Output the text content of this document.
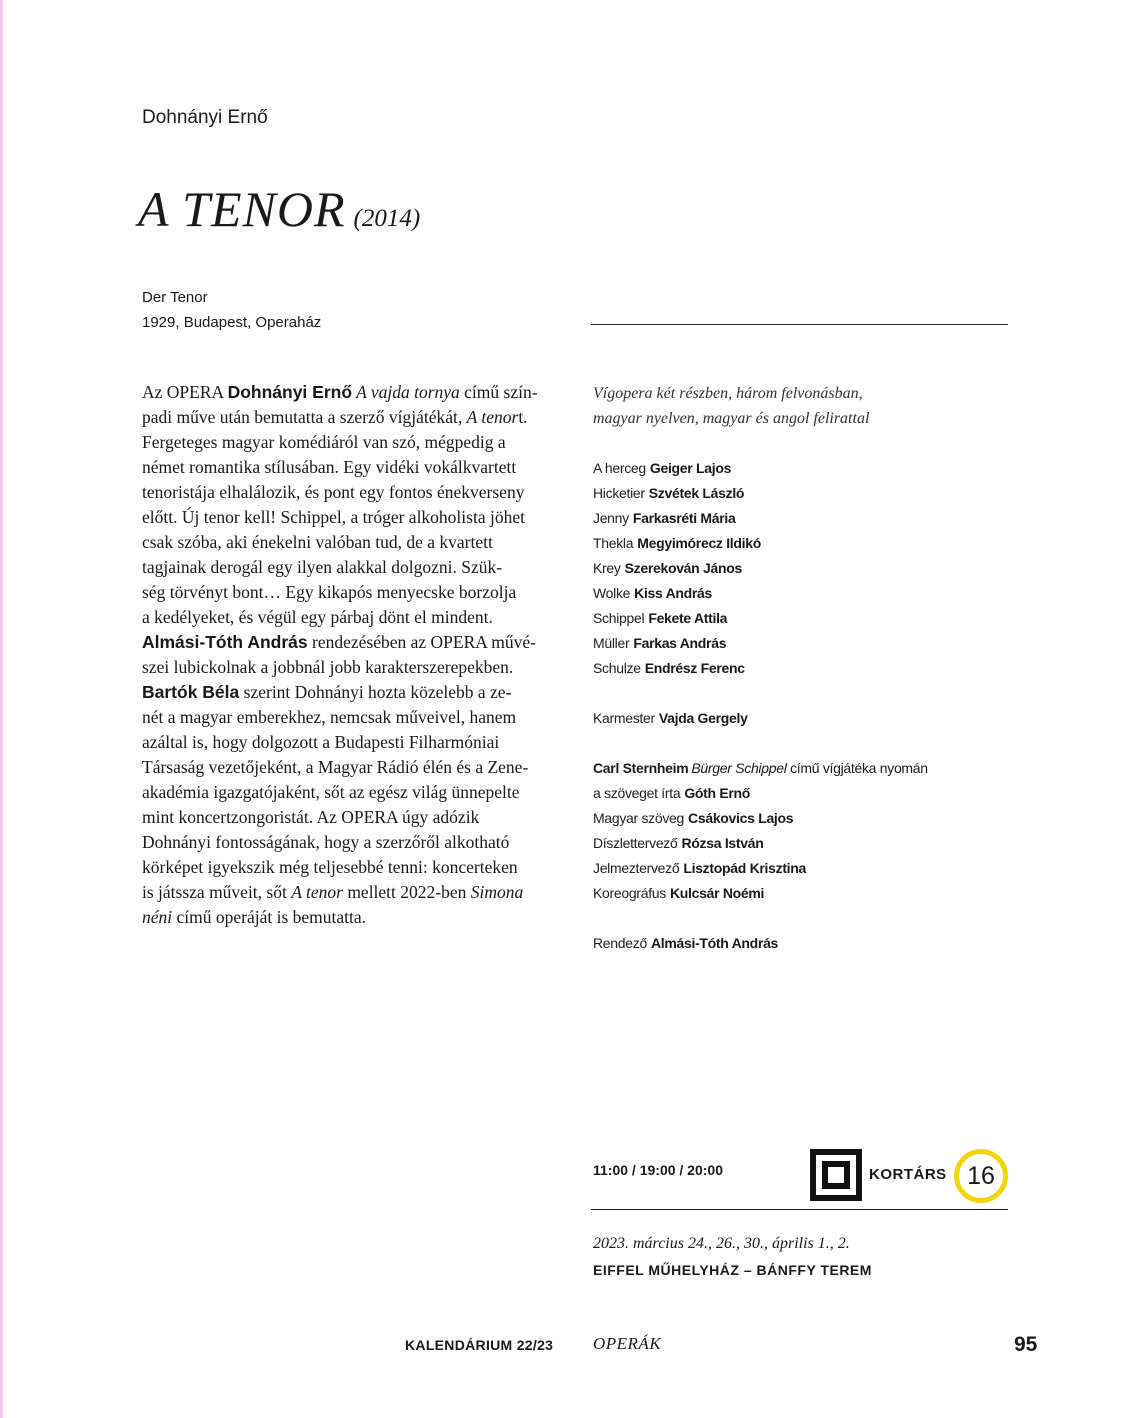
Dohnányi Ernő
A TENOR (2014)
Der Tenor
1929, Budapest, Operaház
Az OPERA Dohnányi Ernő A vajda tornya című szín-
padi műve után bemutatta a szerző vígjátékát, A tenort.
Fergeteges magyar komédiáról van szó, mégpedig a
német romantika stílusában. Egy vidéki vokálkvartett
tenoristája elhalálozik, és pont egy fontos énekverseny
előtt. Új tenor kell! Schippel, a tróger alkoholista jöhet
csak szóba, aki énekelni valóban tud, de a kvartett
tagjainak derogál egy ilyen alakkal dolgozni. Szük-
ség törvényt bont… Egy kikapós menyecske borzolja
a kedélyeket, és végül egy párbaj dönt el mindent.
Almási-Tóth András rendezésében az OPERA művé-
szei lubickolnak a jobbnál jobb karakterszerepekben.
Bartók Béla szerint Dohnányi hozta közelebb a ze-
nét a magyar emberekhez, nemcsak műveivel, hanem
azáltal is, hogy dolgozott a Budapesti Filharmóniai
Társaság vezetőjeként, a Magyar Rádió élén és a Zene-
akadémia igazgatójaként, sőt az egész világ ünnepelte
mint koncertzongoristát. Az OPERA úgy adózik
Dohnányi fontosságának, hogy a szerzőről alkotható
körképet igyekszik még teljesebbé tenni: koncerteken
is játssza műveit, sőt A tenor mellett 2022-ben Simona
néni című operáját is bemutatta.
Vígopera két részben, három felvonásban,
magyar nyelven, magyar és angol felirattal
A herceg Geiger Lajos
Hicketier Szvétek László
Jenny Farkasréti Mária
Thekla Megyimórecz Ildikó
Krey Szerekován János
Wolke Kiss András
Schippel Fekete Attila
Müller Farkas András
Schulze Endrész Ferenc
Karmester Vajda Gergely
Carl Sternheim Bürger Schippel című vígjátéka nyomán
a szöveget írta Góth Ernő
Magyar szöveg Csákovics Lajos
Díszlettervező Rózsa István
Jelmeztervező Lisztopád Krisztina
Koreográfus Kulcsár Noémi
Rendező Almási-Tóth András
11:00 / 19:00 / 20:00	KORTÁRS 16
2023. március 24., 26., 30., április 1., 2.
EIFFEL MŰHELYHÁZ – BÁNFFY TEREM
KALENDÁRIUM 22/23 OPERÁK	95
